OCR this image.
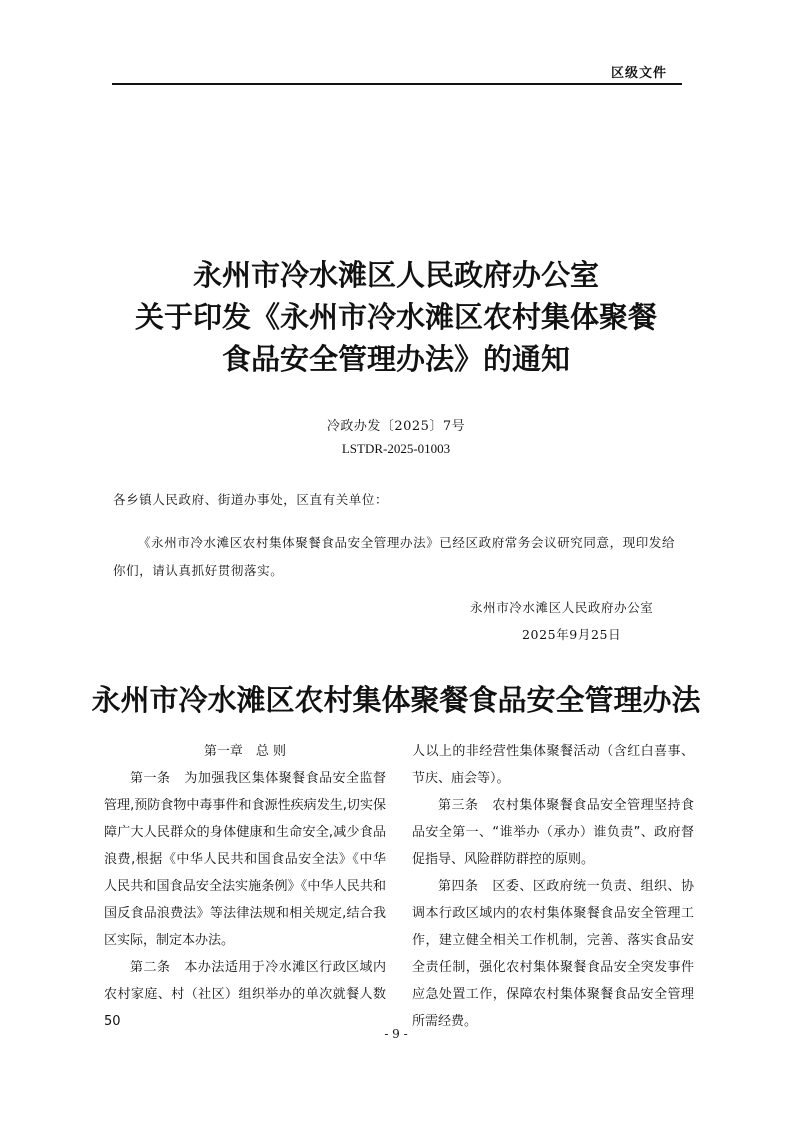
区级文件
永州市冷水滩区人民政府办公室
关于印发《永州市冷水滩区农村集体聚餐
食品安全管理办法》的通知
冷政办发〔2025〕7号
LSTDR-2025-01003
各乡镇人民政府、街道办事处，区直有关单位：

《永州市冷水滩区农村集体聚餐食品安全管理办法》已经区政府常务会议研究同意，现印发给你们，请认真抓好贯彻落实。

永州市冷水滩区人民政府办公室
2025年9月25日
永州市冷水滩区农村集体聚餐食品安全管理办法
第一章　总 则

第一条 为加强我区集体聚餐食品安全监督管理,预防食物中毒事件和食源性疾病发生,切实保障广大人民群众的身体健康和生命安全,减少食品浪费,根据《中华人民共和国食品安全法》《中华人民共和国食品安全法实施条例》《中华人民共和国反食品浪费法》等法律法规和相关规定,结合我区实际，制定本办法。

第二条 本办法适用于冷水滩区行政区域内农村家庭、村（社区）组织举办的单次就餐人数50

人以上的非经营性集体聚餐活动（含红白喜事、节庆、庙会等）。

第三条 农村集体聚餐食品安全管理坚持食品安全第一、“谁举办（承办）谁负责”、政府督促指导、风险群防群控的原则。

第四条 区委、区政府统一负责、组织、协调本行政区域内的农村集体聚餐食品安全管理工作，建立健全相关工作机制，完善、落实食品安全责任制，强化农村集体聚餐食品安全突发事件应急处置工作，保障农村集体聚餐食品安全管理所需经费。

- 9 -
